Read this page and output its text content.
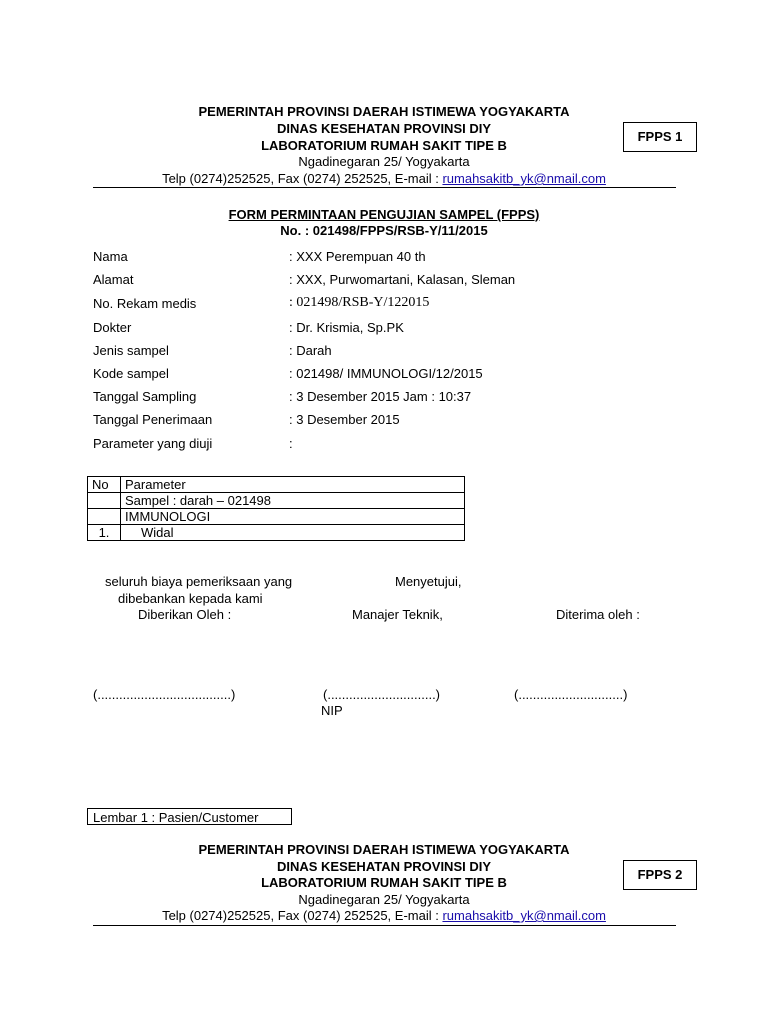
PEMERINTAH PROVINSI DAERAH ISTIMEWA YOGYAKARTA
DINAS KESEHATAN PROVINSI DIY
LABORATORIUM RUMAH SAKIT TIPE B
Ngadinegaran 25/ Yogyakarta
Telp (0274)252525, Fax (0274) 252525, E-mail : rumahsakitb_yk@nmail.com
FPPS 1
FORM PERMINTAAN PENGUJIAN SAMPEL (FPPS)
No. : 021498/FPPS/RSB-Y/11/2015
Nama	: XXX Perempuan 40 th
Alamat	: XXX, Purwomartani, Kalasan, Sleman
No. Rekam medis	: 021498/RSB-Y/122015
Dokter	: Dr. Krismia, Sp.PK
Jenis sampel	: Darah
Kode sampel	: 021498/ IMMUNOLOGI/12/2015
Tanggal Sampling	: 3 Desember 2015 Jam : 10:37
Tanggal Penerimaan	: 3 Desember 2015
Parameter yang diuji	:
No	Parameter
	Sampel : darah – 021498
	IMMUNOLOGI
1.	Widal
seluruh biaya pemeriksaan yang
dibebankan kepada kami
Menyetujui,
Diberikan Oleh :	Manajer Teknik,	Diterima oleh :
(.....................................)	(..............................)	(.............................)
NIP
Lembar 1 : Pasien/Customer
PEMERINTAH PROVINSI DAERAH ISTIMEWA YOGYAKARTA
DINAS KESEHATAN PROVINSI DIY
LABORATORIUM RUMAH SAKIT TIPE B
Ngadinegaran 25/ Yogyakarta
Telp (0274)252525, Fax (0274) 252525, E-mail : rumahsakitb_yk@nmail.com
FPPS 2
